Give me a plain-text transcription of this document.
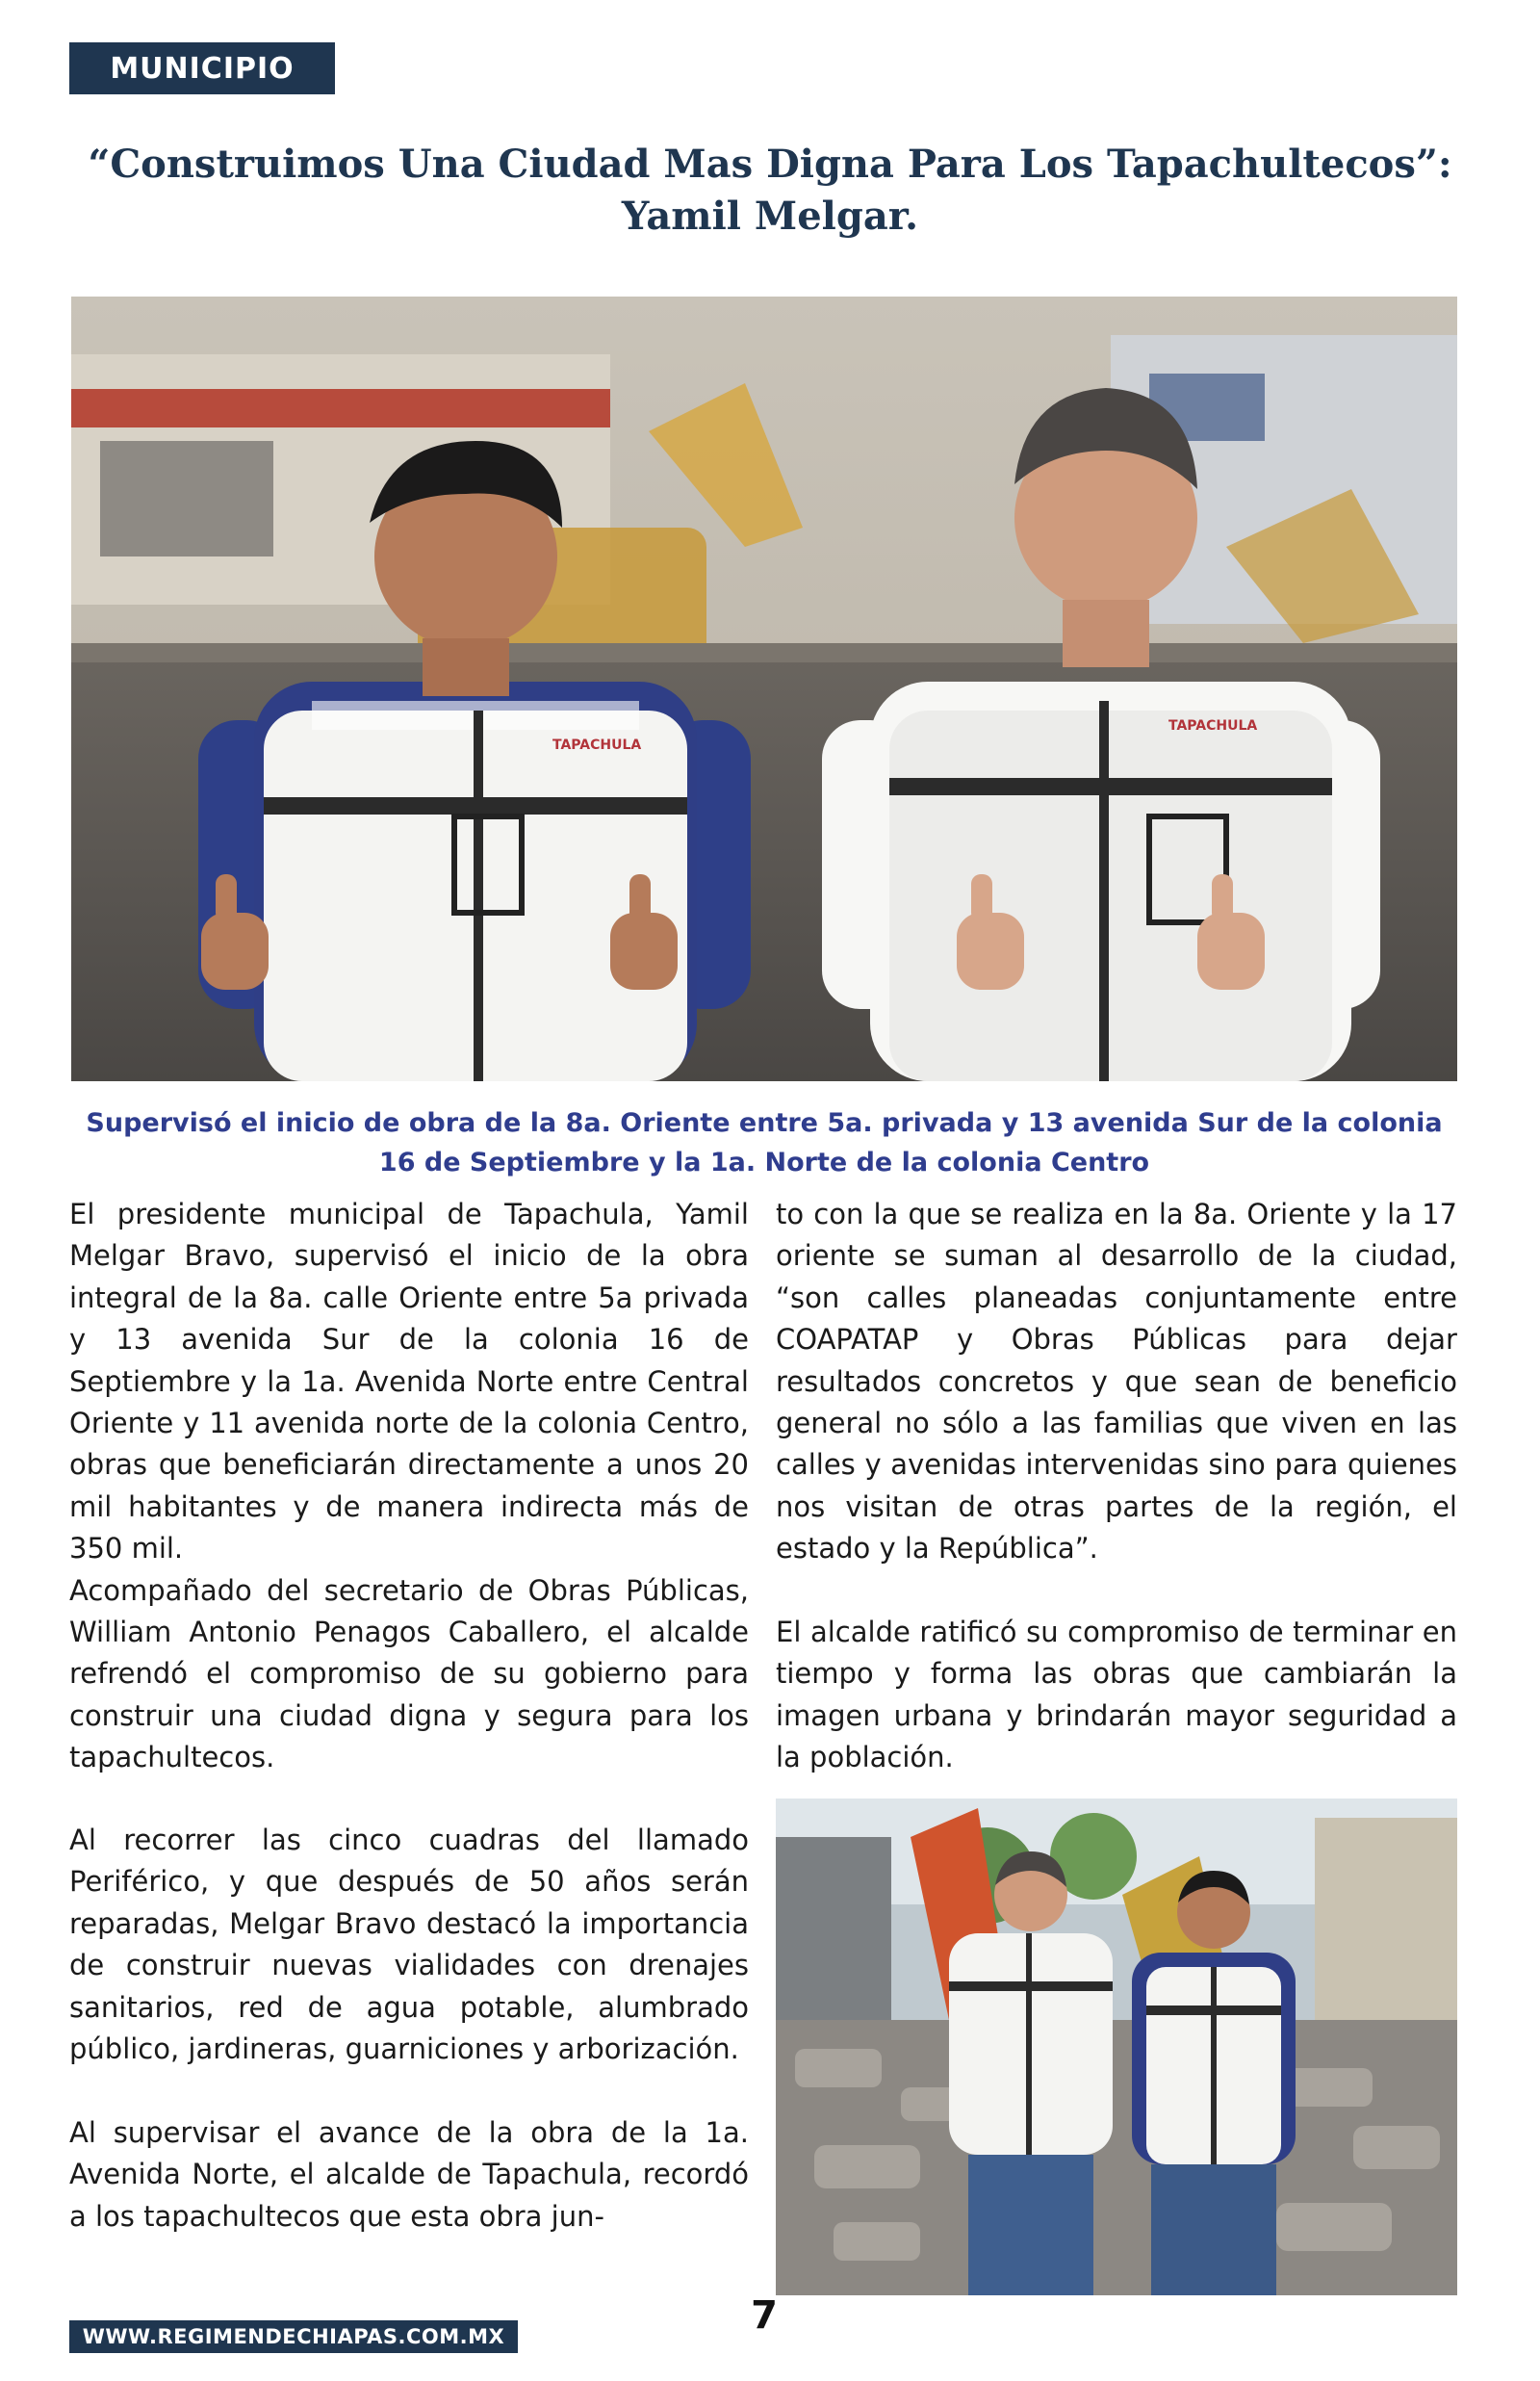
MUNICIPIO
“Construimos Una Ciudad Mas Digna Para Los Tapachultecos”: Yamil Melgar.
TAPACHULA
TAPACHULA

Supervisó el inicio de obra de la 8a. Oriente entre 5a. privada y 13 avenida Sur de la colonia 16 de Septiembre y la 1a. Norte de la colonia Centro

El presidente municipal de Tapachula, Yamil Melgar Bravo, supervisó el inicio de la obra integral de la 8a. calle Oriente entre 5a privada y 13 avenida Sur de la colonia 16 de Septiembre y la 1a. Avenida Norte entre Central Oriente y 11 avenida norte de la colonia Centro, obras que beneficiarán directamente a unos 20 mil habitantes y de manera indirecta más de 350 mil.

Acompañado del secretario de Obras Públicas, William Antonio Penagos Caballero, el alcalde refrendó el compromiso de su gobierno para construir una ciudad digna y segura para los tapachultecos.

Al recorrer las cinco cuadras del llamado Periférico, y que después de 50 años serán reparadas, Melgar Bravo destacó la importancia de construir nuevas vialidades con drenajes sanitarios, red de agua potable, alumbrado público, jardineras, guarniciones y arborización.

Al supervisar el avance de la obra de la 1a. Avenida Norte, el alcalde de Tapachula, recordó a los tapachultecos que esta obra jun-

to con la que se realiza en la 8a. Oriente y la 17 oriente se suman al desarrollo de la ciudad, “son calles planeadas conjuntamente entre COAPATAP y Obras Públicas para dejar resultados concretos y que sean de beneficio general no sólo a las familias que viven en las calles y avenidas intervenidas sino para quienes nos visitan de otras partes de la región, el estado y la República”.

El alcalde ratificó su compromiso de terminar en tiempo y forma las obras que cambiarán la imagen urbana y brindarán mayor seguridad a la población.

7
WWW.REGIMENDECHIAPAS.COM.MX
